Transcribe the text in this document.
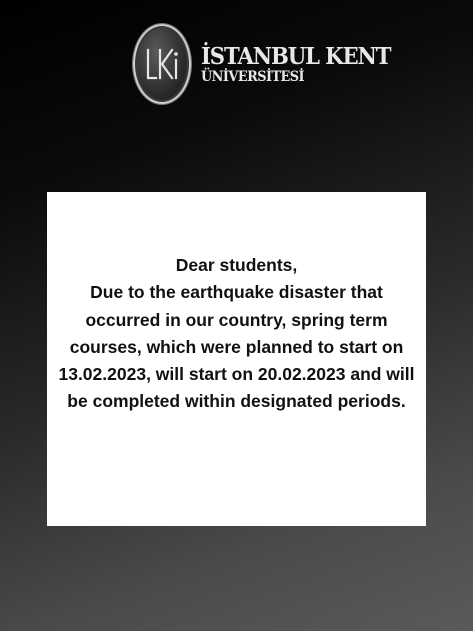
İSTANBUL KENT
ÜNİVERSİTESİ
Dear students,
Due to the earthquake disaster that occurred in our country, spring term courses, which were planned to start on 13.02.2023, will start on 20.02.2023 and will be completed within designated periods.
